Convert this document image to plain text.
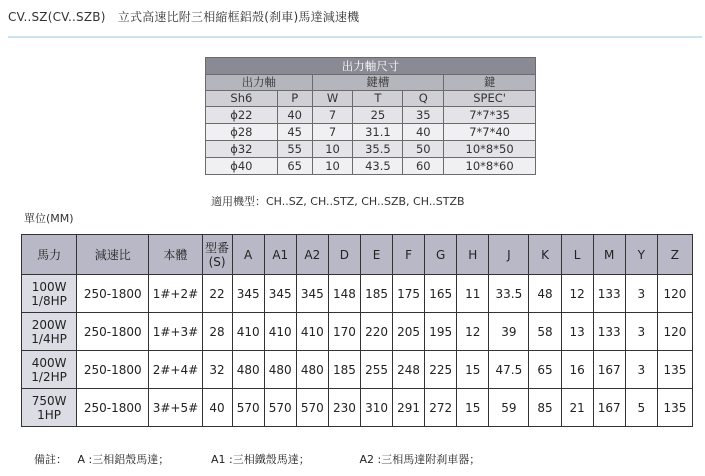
CV..SZ(CV..SZB)　立式高速比附三相縮框鋁殼(刹車)馬達減速機
出力軸尺寸					
出力軸		鍵槽			鍵
Sh6	P	W	T	Q	SPEC'
ϕ22	40	7	25	35	7*7*35
ϕ28	45	7	31.1	40	7*7*40
ϕ32	55	10	35.5	50	10*8*50
ϕ40	65	10	43.5	60	10*8*60
適用機型：CH..SZ, CH..STZ, CH..SZB, CH..STZB
單位(MM)
馬力	減速比	本體	型番
(S)	A	A1	A2	D	E	F	G	H	J	K	L	M	Y	Z
100W
1/8HP	250-1800	1#+2#	22	345	345	345	148	185	175	165	11	33.5	48	12	133	3	120
200W
1/4HP	250-1800	1#+3#	28	410	410	410	170	220	205	195	12	39	58	13	133	3	120
400W
1/2HP	250-1800	2#+4#	32	480	480	480	185	255	248	225	15	47.5	65	16	167	3	135
750W
1HP	250-1800	3#+5#	40	570	570	570	230	310	291	272	15	59	85	21	167	5	135
備註： A :三相鋁殼馬達；	A1 :三相鐵殼馬達；	A2 :三相馬達附刹車器；
